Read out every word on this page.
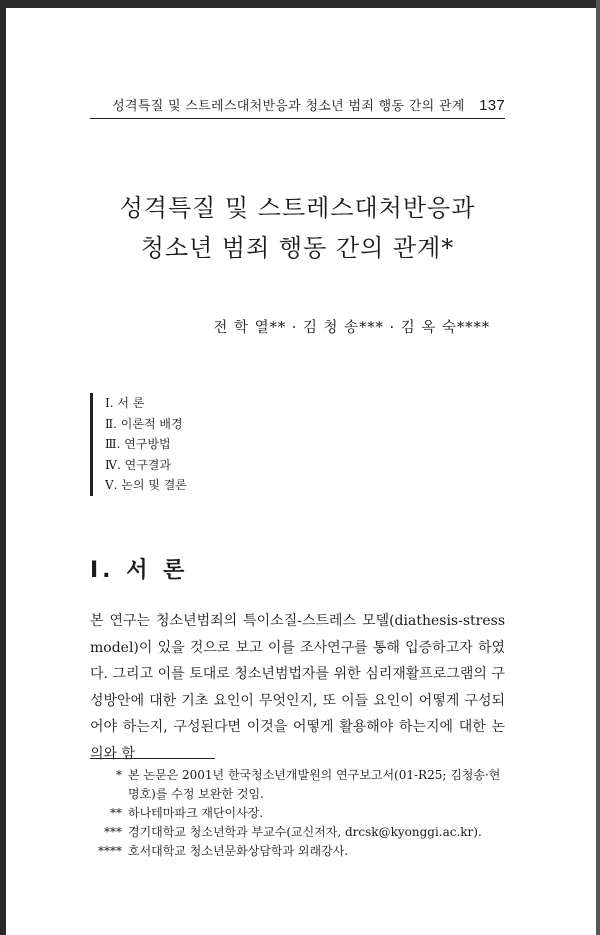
성격특질 및 스트레스대처반응과 청소년 범죄 행동 간의 관계 137
성격특질 및 스트레스대처반응과
청소년 범죄 행동 간의 관계*
전 학 열** · 김 청 송*** · 김 옥 숙****
Ⅰ. 서 론
Ⅱ. 이론적 배경
Ⅲ. 연구방법
Ⅳ. 연구결과
Ⅴ. 논의 및 결론
Ⅰ. 서 론

본 연구는 청소년범죄의 특이소질-스트레스 모델(diathesis-stress model)이 있을 것으로 보고 이를 조사연구를 통해 입증하고자 하였다. 그리고 이를 토대로 청소년범법자를 위한 심리재활프로그램의 구성방안에 대한 기초 요인이 무엇인지, 또 이들 요인이 어떻게 구성되어야 하는지, 구성된다면 이것을 어떻게 활용해야 하는지에 대한 논의와 함

* 본 논문은 2001년 한국청소년개발원의 연구보고서(01-R25; 김청송·현명호)를 수정 보완한 것임.
** 하나테마파크 재단이사장.
*** 경기대학교 청소년학과 부교수(교신저자, drcsk@kyonggi.ac.kr).
**** 호서대학교 청소년문화상담학과 외래강사.
